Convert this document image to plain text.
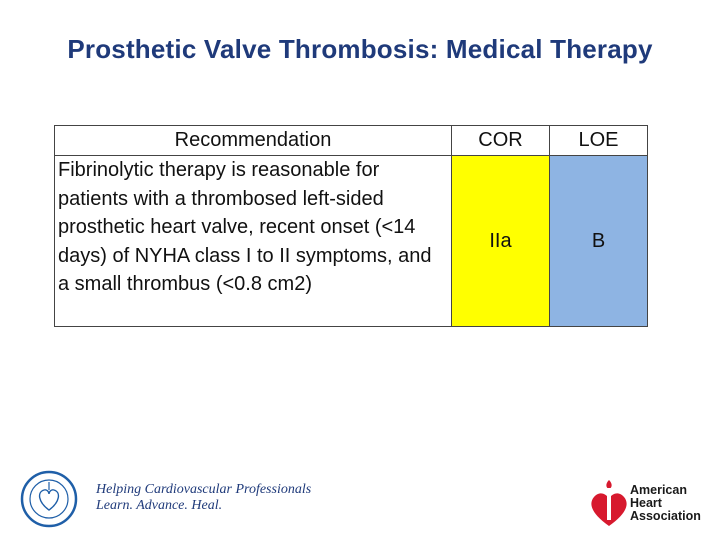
Prosthetic Valve Thrombosis: Medical Therapy
Recommendation	COR	LOE
Fibrinolytic therapy is reasonable for patients with a thrombosed left-sided prosthetic heart valve, recent onset (<14 days) of NYHA class I to II symptoms, and a small thrombus (<0.8 cm2)	IIa	B
Helping Cardiovascular Professionals
Learn. Advance. Heal.
American
Heart
Association
